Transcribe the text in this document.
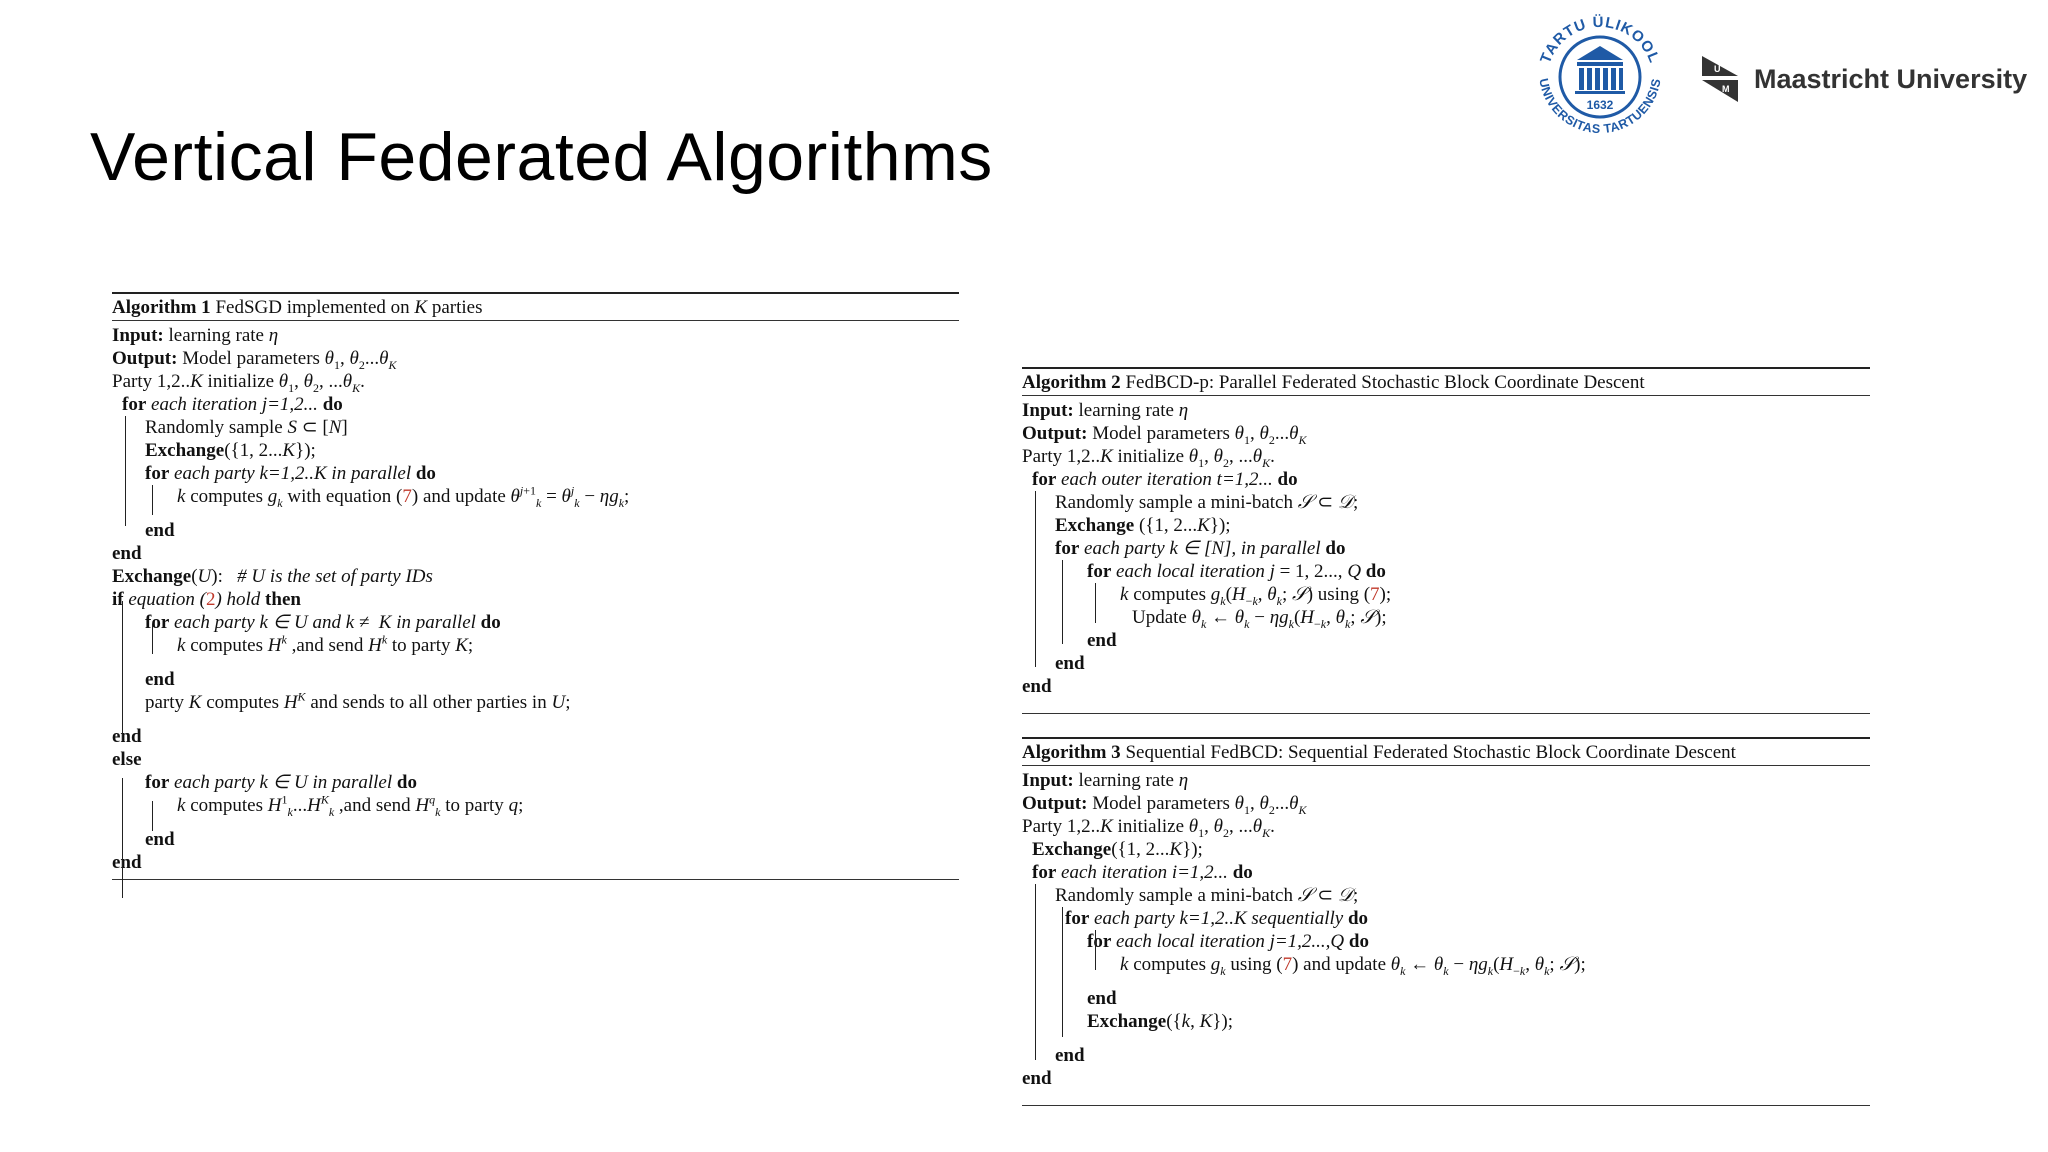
Vertical Federated Algorithms
TARTU ÜLIKOOL
UNIVERSITAS TARTUENSIS
1632
U
M Maastricht University
Algorithm 1 FedSGD implemented on K parties
Input: learning rate η
Output: Model parameters $\theta_1$, $\theta_2...\theta_K$
Party 1,2..K initialize $\theta_1$, $\theta_2$, $...\theta_K$.
for each iteration j=1,2... do
Randomly sample S ⊂ [N]
Exchange({1, 2...K});
for each party k=1,2..K in parallel do
k computes $g_k$ with equation (7) and update $\theta^{j+1}_k = \theta^j_k - \eta g_k$;
end
end
Exchange(U):   # U is the set of party IDs
if equation (2) hold then
for each party k ∈ U and k ≠  K in parallel do
k computes $H^k$ ,and send $H^k$ to party K;
end
party K computes $H^K$ and sends to all other parties in U;
end
else
for each party k ∈ U in parallel do
k computes $H^1_k...H^K_k$ ,and send $H^q_k$ to party q;
end
end
Algorithm 2 FedBCD-p: Parallel Federated Stochastic Block Coordinate Descent
Input: learning rate η
Output: Model parameters $\theta_1$, $\theta_2...\theta_K$
Party 1,2..K initialize $\theta_1$, $\theta_2$, $...\theta_K$.
for each outer iteration t=1,2... do
Randomly sample a mini-batch 𝒮 ⊂ 𝒟;
Exchange ({1, 2...K});
for each party k ∈ [N], in parallel do
for each local iteration j = 1, 2..., Q do
k computes $g_k(H_{-k}$, $\theta_k$; 𝒮) using (7);
Update $\theta_k$ ← $\theta_k - \eta g_k(H_{-k}$, $\theta_k$; 𝒮);
end
end
end
Algorithm 3 Sequential FedBCD: Sequential Federated Stochastic Block Coordinate Descent
Input: learning rate η
Output: Model parameters $\theta_1$, $\theta_2...\theta_K$
Party 1,2..K initialize $\theta_1$, $\theta_2$, $...\theta_K$.
Exchange({1, 2...K});
for each iteration i=1,2... do
Randomly sample a mini-batch 𝒮 ⊂ 𝒟;
for each party k=1,2..K sequentially do
for each local iteration j=1,2...,Q do
k computes $g_k$ using (7) and update $\theta_k$ ← $\theta_k - \eta g_k(H_{-k}$, $\theta_k$; 𝒮);
end
Exchange({k, K});
end
end
